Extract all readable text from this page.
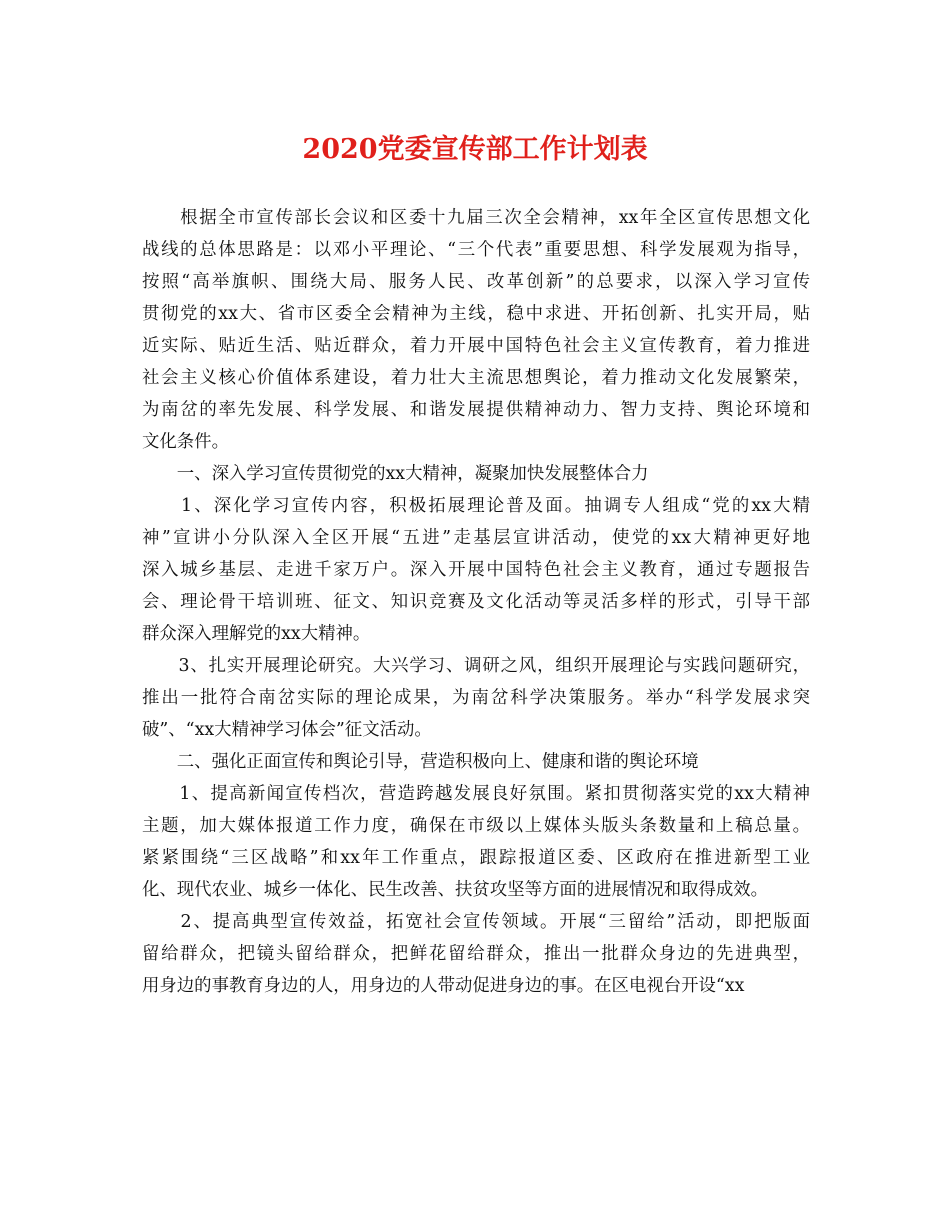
2020党委宣传部工作计划表
　　根据全市宣传部长会议和区委十九届三次全会精神，xx年全区宣传思想文化
战线的总体思路是：以邓小平理论、“三个代表”重要思想、科学发展观为指导，
按照“高举旗帜、围绕大局、服务人民、改革创新”的总要求，以深入学习宣传
贯彻党的xx大、省市区委全会精神为主线，稳中求进、开拓创新、扎实开局，贴
近实际、贴近生活、贴近群众，着力开展中国特色社会主义宣传教育，着力推进
社会主义核心价值体系建设，着力壮大主流思想舆论，着力推动文化发展繁荣，
为南岔的率先发展、科学发展、和谐发展提供精神动力、智力支持、舆论环境和
文化条件。
　　一、深入学习宣传贯彻党的xx大精神，凝聚加快发展整体合力
　　1、深化学习宣传内容，积极拓展理论普及面。抽调专人组成“党的xx大精
神”宣讲小分队深入全区开展“五进”走基层宣讲活动，使党的xx大精神更好地
深入城乡基层、走进千家万户。深入开展中国特色社会主义教育，通过专题报告
会、理论骨干培训班、征文、知识竞赛及文化活动等灵活多样的形式，引导干部
群众深入理解党的xx大精神。
　　3、扎实开展理论研究。大兴学习、调研之风，组织开展理论与实践问题研究，
推出一批符合南岔实际的理论成果，为南岔科学决策服务。举办“科学发展求突
破”、“xx大精神学习体会”征文活动。
　　二、强化正面宣传和舆论引导，营造积极向上、健康和谐的舆论环境
　　1、提高新闻宣传档次，营造跨越发展良好氛围。紧扣贯彻落实党的xx大精神
主题，加大媒体报道工作力度，确保在市级以上媒体头版头条数量和上稿总量。
紧紧围绕“三区战略”和xx年工作重点，跟踪报道区委、区政府在推进新型工业
化、现代农业、城乡一体化、民生改善、扶贫攻坚等方面的进展情况和取得成效。
　　2、提高典型宣传效益，拓宽社会宣传领域。开展“三留给”活动，即把版面
留给群众，把镜头留给群众，把鲜花留给群众，推出一批群众身边的先进典型，
用身边的事教育身边的人，用身边的人带动促进身边的事。在区电视台开设“xx
